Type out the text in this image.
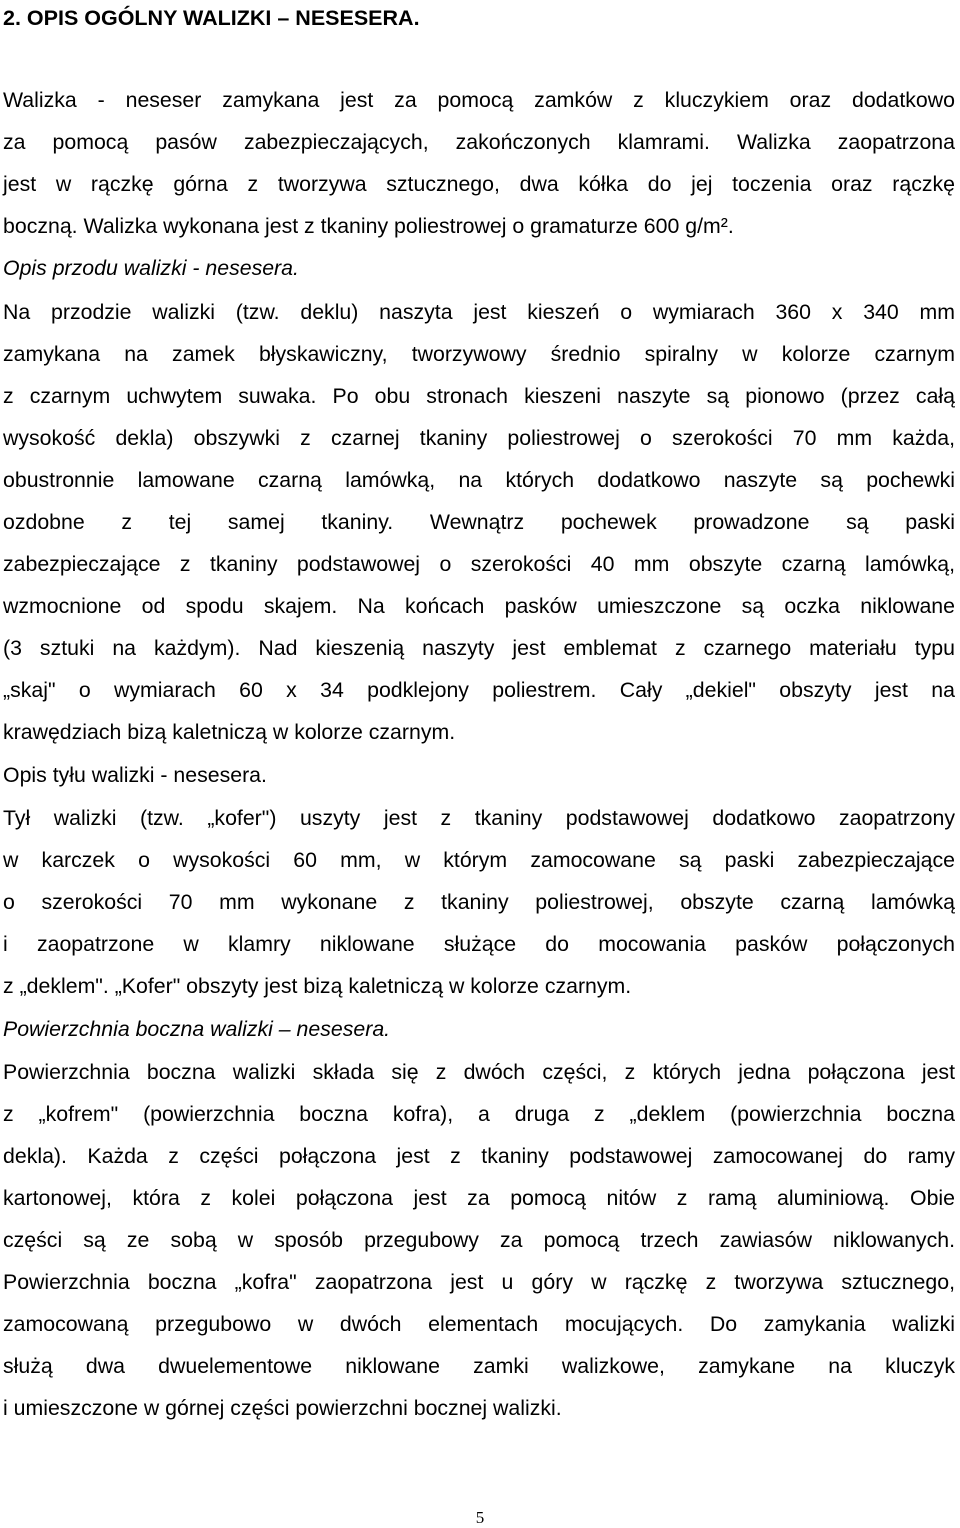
2. OPIS OGÓLNY WALIZKI – NESESERA.
Walizka - neseser zamykana jest za pomocą zamków z kluczykiem oraz dodatkowo
za pomocą pasów zabezpieczających, zakończonych klamrami. Walizka zaopatrzona
jest w rączkę górna z tworzywa sztucznego, dwa kółka do jej toczenia oraz rączkę
boczną. Walizka wykonana jest z tkaniny poliestrowej o gramaturze 600 g/m².
Opis przodu walizki - nesesera.
Na przodzie walizki (tzw. deklu) naszyta jest kieszeń o wymiarach 360 x 340 mm
zamykana na zamek błyskawiczny, tworzywowy średnio spiralny w kolorze czarnym
z czarnym uchwytem suwaka. Po obu stronach kieszeni naszyte są pionowo (przez całą
wysokość dekla) obszywki z czarnej tkaniny poliestrowej o szerokości 70 mm każda,
obustronnie lamowane czarną lamówką, na których dodatkowo naszyte są pochewki
ozdobne z tej samej tkaniny. Wewnątrz pochewek prowadzone są paski
zabezpieczające z tkaniny podstawowej o szerokości 40 mm obszyte czarną lamówką,
wzmocnione od spodu skajem. Na końcach pasków umieszczone są oczka niklowane
(3 sztuki na każdym). Nad kieszenią naszyty jest emblemat z czarnego materiału typu
„skaj" o wymiarach 60 x 34 podklejony poliestrem. Cały „dekiel" obszyty jest na
krawędziach bizą kaletniczą w kolorze czarnym.
Opis tyłu walizki - nesesera.
Tył walizki (tzw. „kofer") uszyty jest z tkaniny podstawowej dodatkowo zaopatrzony
w karczek o wysokości 60 mm, w którym zamocowane są paski zabezpieczające
o szerokości 70 mm wykonane z tkaniny poliestrowej, obszyte czarną lamówką
i zaopatrzone w klamry niklowane służące do mocowania pasków połączonych
z „deklem". „Kofer" obszyty jest bizą kaletniczą w kolorze czarnym.
Powierzchnia boczna walizki – nesesera.
Powierzchnia boczna walizki składa się z dwóch części, z których jedna połączona jest
z „kofrem" (powierzchnia boczna kofra), a druga z „deklem (powierzchnia boczna
dekla). Każda z części połączona jest z tkaniny podstawowej zamocowanej do ramy
kartonowej, która z kolei połączona jest za pomocą nitów z ramą aluminiową. Obie
części są ze sobą w sposób przegubowy za pomocą trzech zawiasów niklowanych.
Powierzchnia boczna „kofra" zaopatrzona jest u góry w rączkę z tworzywa sztucznego,
zamocowaną przegubowo w dwóch elementach mocujących. Do zamykania walizki
służą dwa dwuelementowe niklowane zamki walizkowe, zamykane na kluczyk
i umieszczone w górnej części powierzchni bocznej walizki.
5
